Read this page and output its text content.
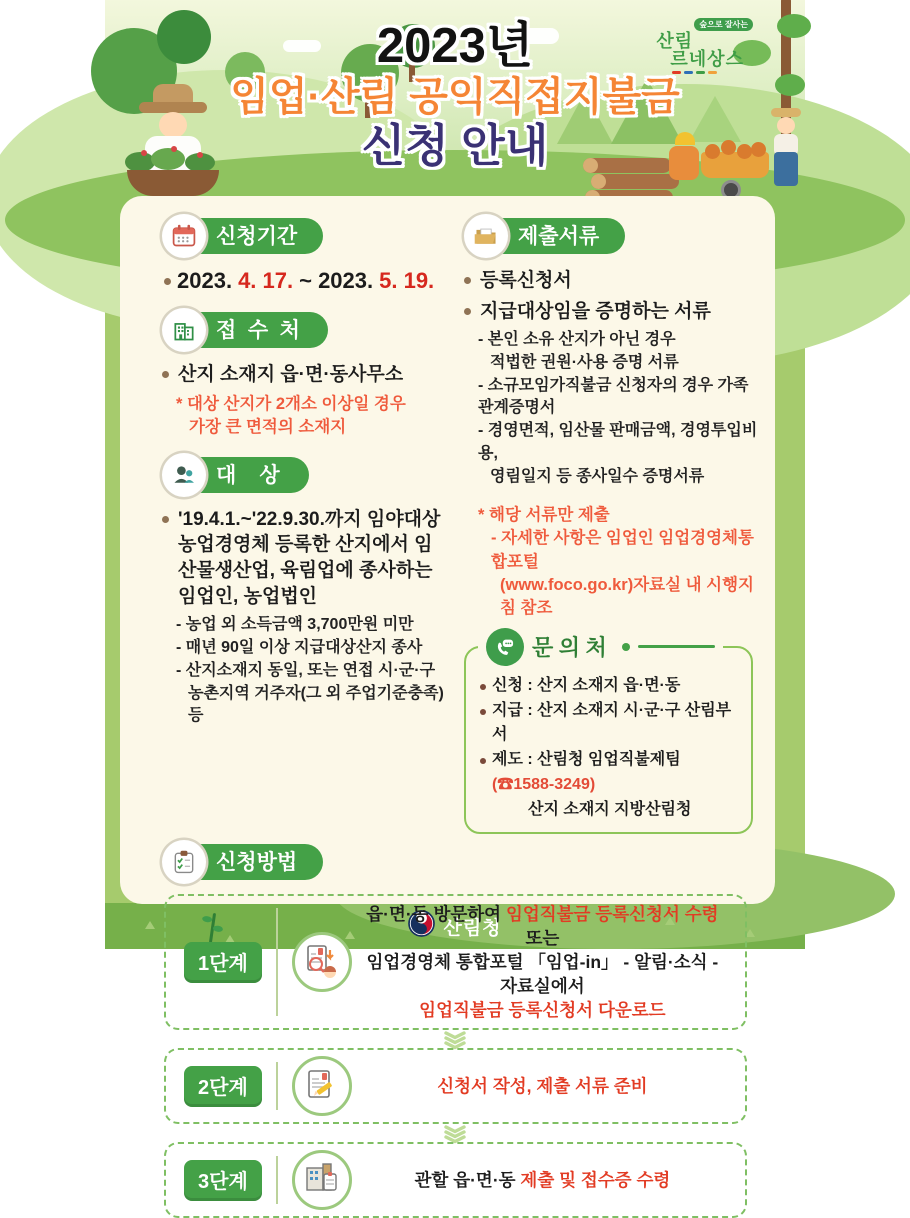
2023년
임업·산림 공익직접지불금
신청 안내
숲으로 잘사는
산림
르네상스
신청기간
2023. 4. 17. ~ 2023. 5. 19.
접수처
산지 소재지 읍·면·동사무소
* 대상 산지가 2개소 이상일 경우
가장 큰 면적의 소재지
대상
'19.4.1.~'22.9.30.까지 임야대상 농업경영체 등록한 산지에서 임산물생산업, 육림업에 종사하는 임업인, 농업법인
- 농업 외 소득금액 3,700만원 미만
- 매년 90일 이상 지급대상산지 종사
- 산지소재지 동일, 또는 연접 시·군·구
농촌지역 거주자(그 외 주업기준충족)등
제출서류
등록신청서
지급대상임을 증명하는 서류
- 본인 소유 산지가 아닌 경우
적법한 권원·사용 증명 서류
- 소규모임가직불금 신청자의 경우 가족관계증명서
- 경영면적, 임산물 판매금액, 경영투입비용,
영림일지 등 종사일수 증명서류
* 해당 서류만 제출
- 자세한 사항은 임업인 임업경영체통합포털
(www.foco.go.kr)자료실 내 시행지침 참조
문의처
신청 : 산지 소재지 읍·면·동
지급 : 산지 소재지 시·군·구 산림부서
제도 : 산림청 임업직불제팀(☎1588-3249)
산지 소재지 지방산림청
신청방법
1단계
읍·면·동 방문하여 임업직불금 등록신청서 수령 또는
임업경영체 통합포털 「임업-in」 - 알림·소식 - 자료실에서
임업직불금 등록신청서 다운로드
2단계	신청서 작성, 제출 서류 준비
3단계	관할 읍·면·동 제출 및 접수증 수령
산림청
